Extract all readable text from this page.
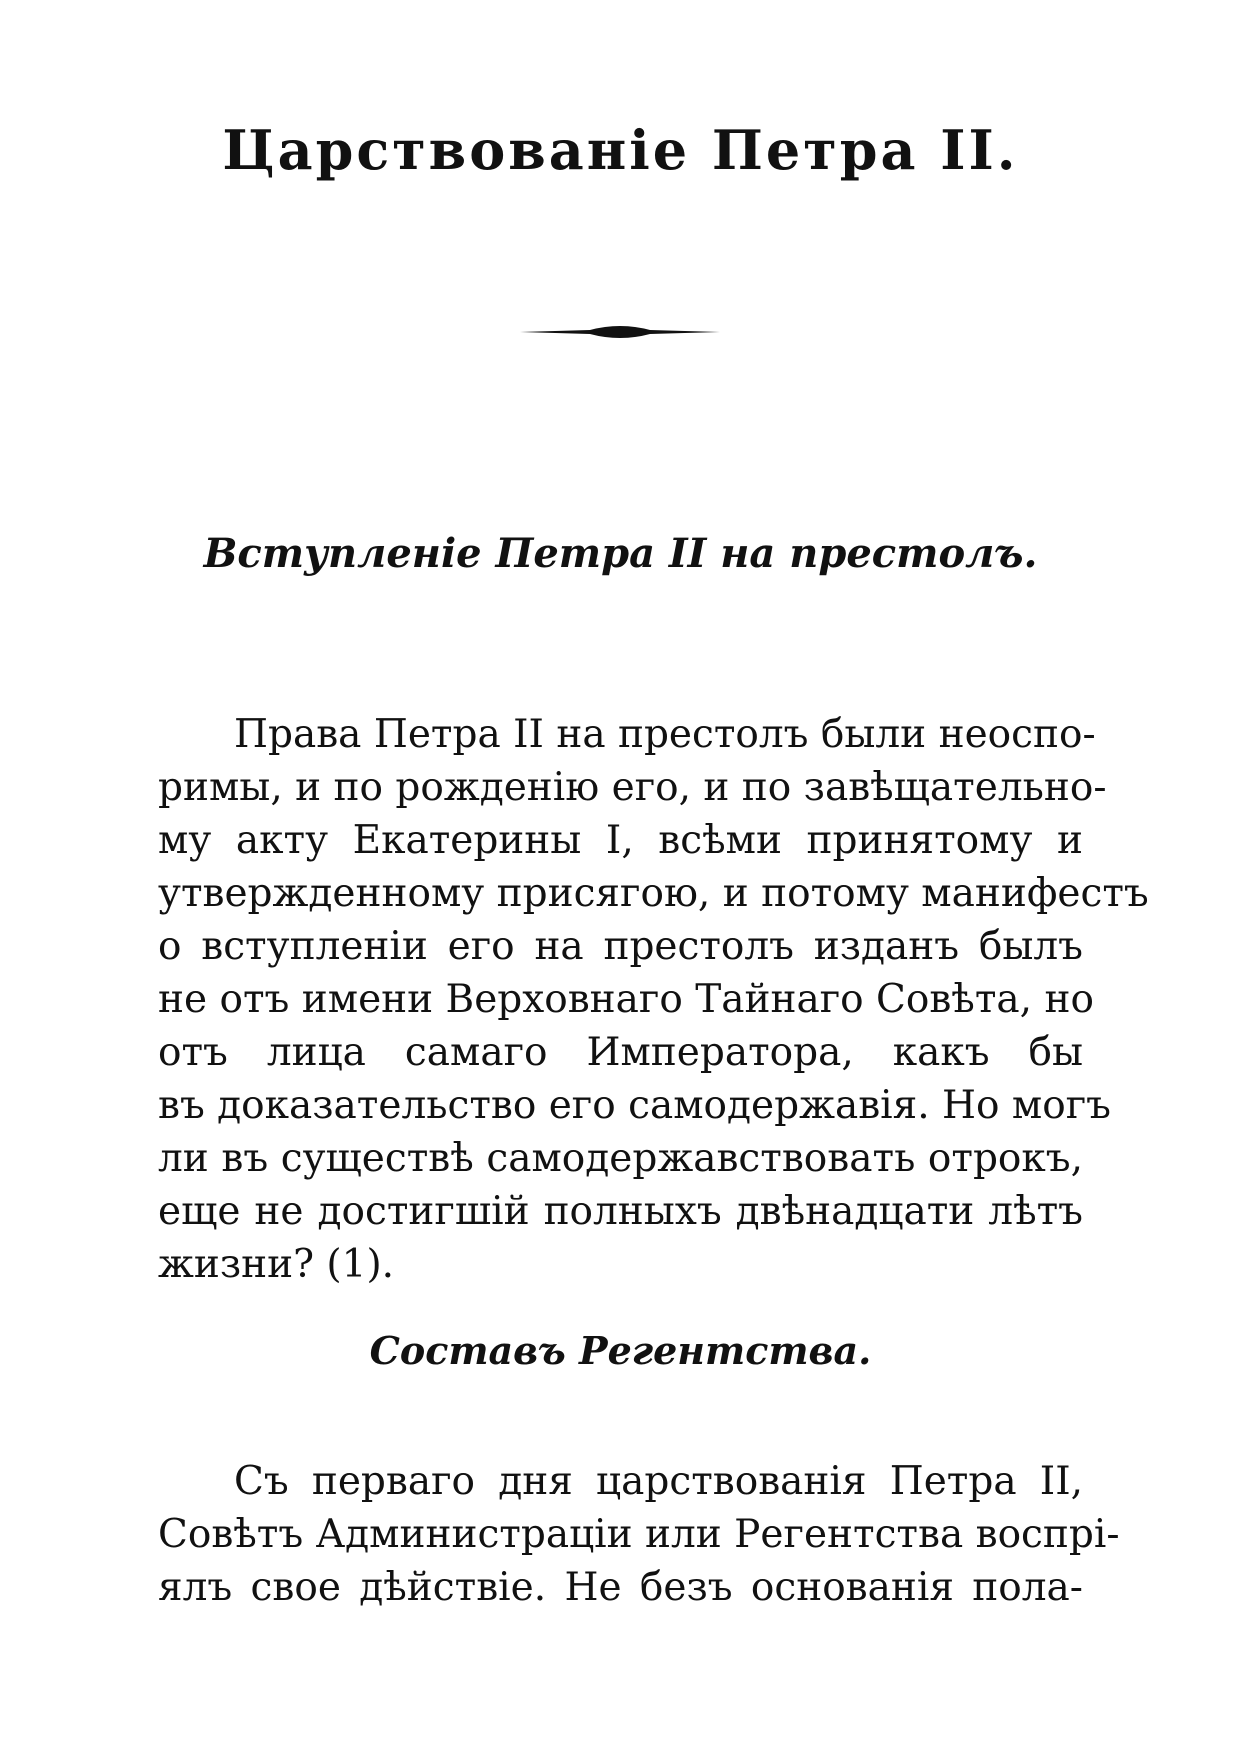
Царствованіе Петра II.
Вступленіе Петра II на престолъ.
Права Петра II на престолъ были неоспо-
римы, и по рожденію его, и по завѣщательно-
му акту Екатерины I, всѣми принятому и
утвержденному присягою, и потому манифестъ
о вступленіи его на престолъ изданъ былъ
не отъ имени Верховнаго Тайнаго Совѣта, но
отъ лица самаго Императора, какъ бы
въ доказательство его самодержавія. Но могъ
ли въ существѣ самодержавствовать отрокъ,
еще не достигшій полныхъ двѣнадцати лѣтъ
жизни? (1).
Составъ Регентства.
Съ перваго дня царствованія Петра II,
Совѣтъ Администраціи или Регентства воспрі-
ялъ свое дѣйствіе. Не безъ основанія пола-
